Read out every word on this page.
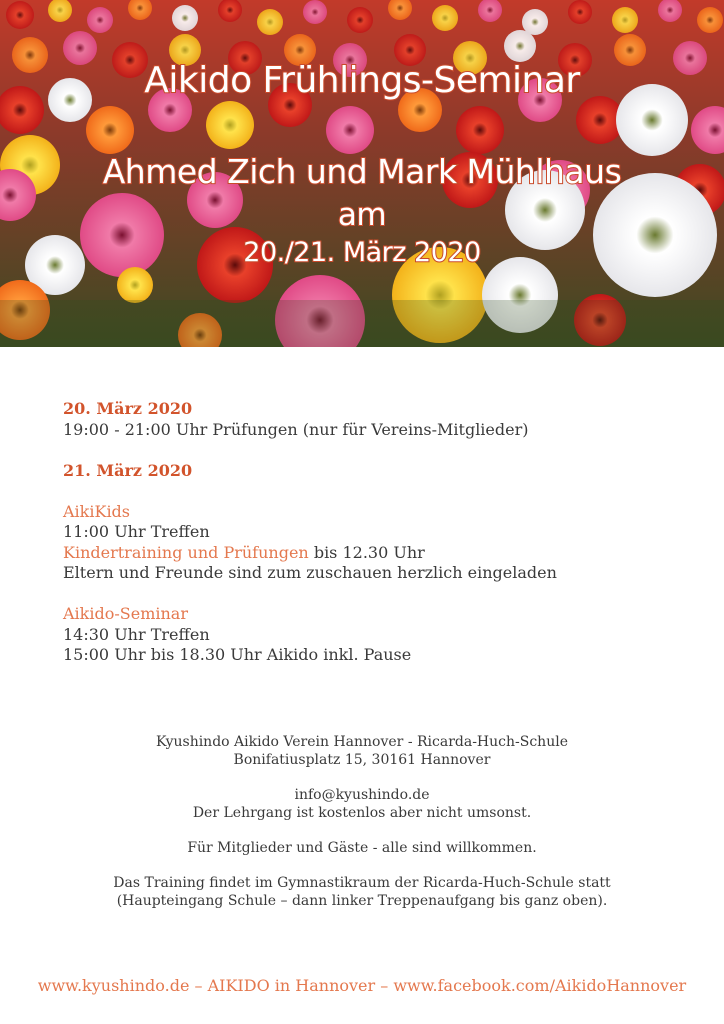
Aikido Frühlings-Seminar
Ahmed Zich und Mark Mühlhaus
am
20./21. März 2020
20. März 2020
19:00 - 21:00 Uhr Prüfungen (nur für Vereins-Mitglieder)
21. März 2020
AikiKids
11:00 Uhr Treffen
Kindertraining und Prüfungen bis 12.30 Uhr
Eltern und Freunde sind zum zuschauen herzlich eingeladen
Aikido-Seminar
14:30 Uhr Treffen
15:00 Uhr bis 18.30 Uhr Aikido inkl. Pause
Kyushindo Aikido Verein Hannover - Ricarda-Huch-Schule
Bonifatiusplatz 15, 30161 Hannover
info@kyushindo.de
Der Lehrgang ist kostenlos aber nicht umsonst.
Für Mitglieder und Gäste - alle sind willkommen.
Das Training findet im Gymnastikraum der Ricarda-Huch-Schule statt
(Haupteingang Schule – dann linker Treppenaufgang bis ganz oben).
www.kyushindo.de – AIKIDO in Hannover – www.facebook.com/AikidoHannover
